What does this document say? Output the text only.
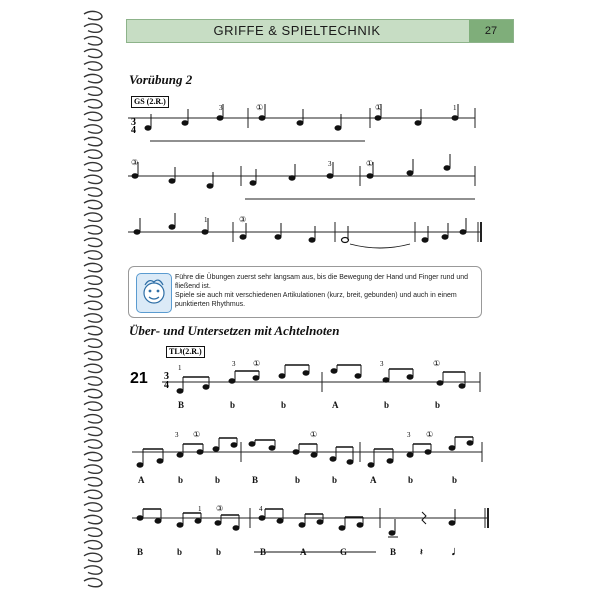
GRIFFE & SPIELTECHNIK	27
Vorübung 2
GS (2.R.)
3
4
3	①	①	1
③	3	①
1	③
3
4
1	3 ①	3	①
3 ①	①	3 ①
1 ③	4
Führe die Übungen zuerst sehr langsam aus, bis die Bewegung der Hand und Finger rund und fließend ist.
Spiele sie auch mit verschiedenen Artikulationen (kurz, breit, gebunden) und auch in einem punktierten Rhythmus.
Über- und Untersetzen mit Achtelnoten
TL♮(2.R.)
21
B	b	b	A	b	b
A	b	b	B	b	b	A	b	b
B	b	b	B	A	G	B	𝄽	𝅘𝅥
